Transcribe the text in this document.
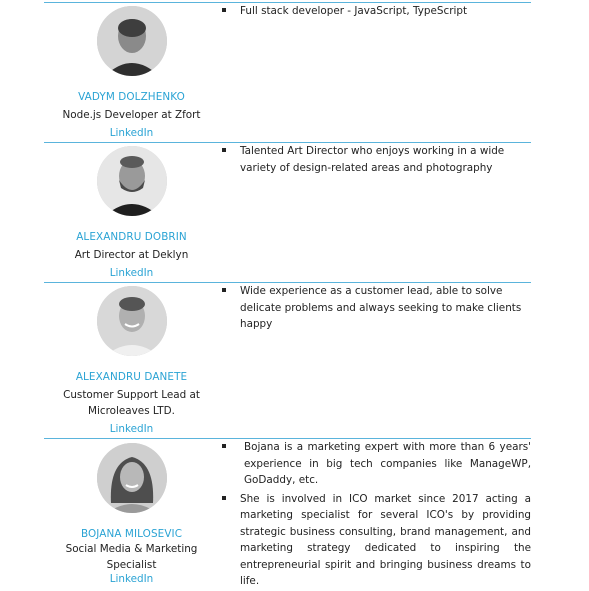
VADYM DOLZHENKO
Node.js Developer at Zfort
LinkedIn
Full stack developer - JavaScript, TypeScript
ALEXANDRU DOBRIN
Art Director at Deklyn
LinkedIn
Talented Art Director who enjoys working in a wide variety of design-related areas and photography
ALEXANDRU DANETE
Customer Support Lead at Microleaves LTD.
LinkedIn
Wide experience as a customer lead, able to solve delicate problems and always seeking to make clients happy
BOJANA MILOSEVIC
Social Media & Marketing Specialist
LinkedIn
Bojana is a marketing expert with more than 6 years' experience in big tech companies like ManageWP, GoDaddy, etc.
She is involved in ICO market since 2017 acting a marketing specialist for several ICO's by providing strategic business consulting, brand management, and marketing strategy dedicated to inspiring the entrepreneurial spirit and bringing business dreams to life.
